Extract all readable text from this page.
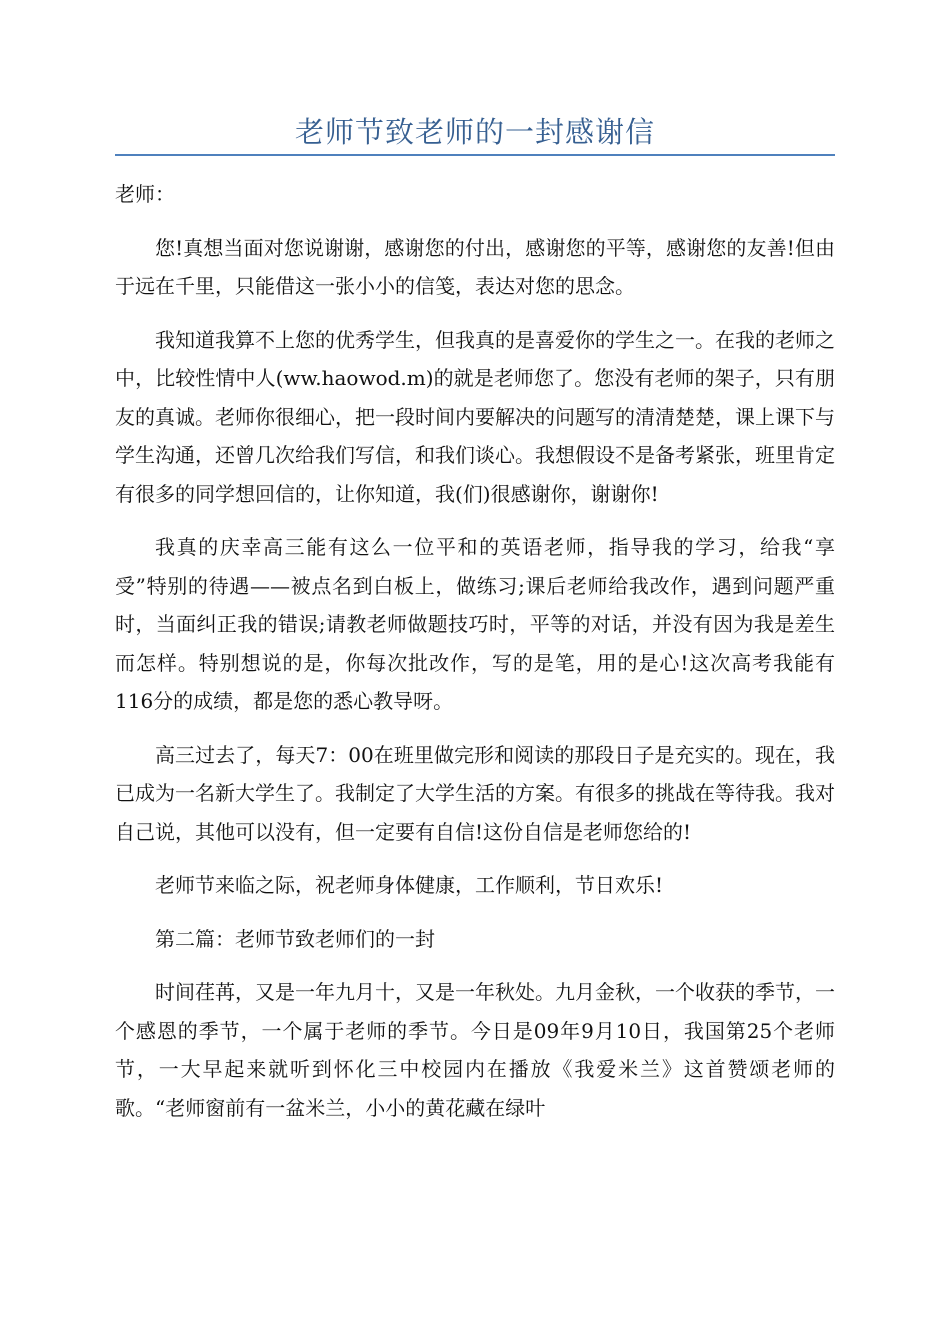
老师节致老师的一封感谢信

老师：

您!真想当面对您说谢谢，感谢您的付出，感谢您的平等，感谢您的友善!但由于远在千里，只能借这一张小小的信笺，表达对您的思念。

我知道我算不上您的优秀学生，但我真的是喜爱你的学生之一。在我的老师之中，比较性情中人(ww.haowod.m)的就是老师您了。您没有老师的架子，只有朋友的真诚。老师你很细心，把一段时间内要解决的问题写的清清楚楚，课上课下与学生沟通，还曾几次给我们写信，和我们谈心。我想假设不是备考紧张，班里肯定有很多的同学想回信的，让你知道，我(们)很感谢你，谢谢你!

我真的庆幸高三能有这么一位平和的英语老师，指导我的学习，给我“享受”特别的待遇——被点名到白板上，做练习;课后老师给我改作，遇到问题严重时，当面纠正我的错误;请教老师做题技巧时，平等的对话，并没有因为我是差生而怎样。特别想说的是，你每次批改作，写的是笔，用的是心!这次高考我能有116分的成绩，都是您的悉心教导呀。

高三过去了，每天7：00在班里做完形和阅读的那段日子是充实的。现在，我已成为一名新大学生了。我制定了大学生活的方案。有很多的挑战在等待我。我对自己说，其他可以没有，但一定要有自信!这份自信是老师您给的!

老师节来临之际，祝老师身体健康，工作顺利，节日欢乐!

第二篇：老师节致老师们的一封

时间荏苒，又是一年九月十，又是一年秋处。九月金秋，一个收获的季节，一个感恩的季节，一个属于老师的季节。今日是09年9月10日，我国第25个老师节，一大早起来就听到怀化三中校园内在播放《我爱米兰》这首赞颂老师的歌。“老师窗前有一盆米兰，小小的黄花藏在绿叶
